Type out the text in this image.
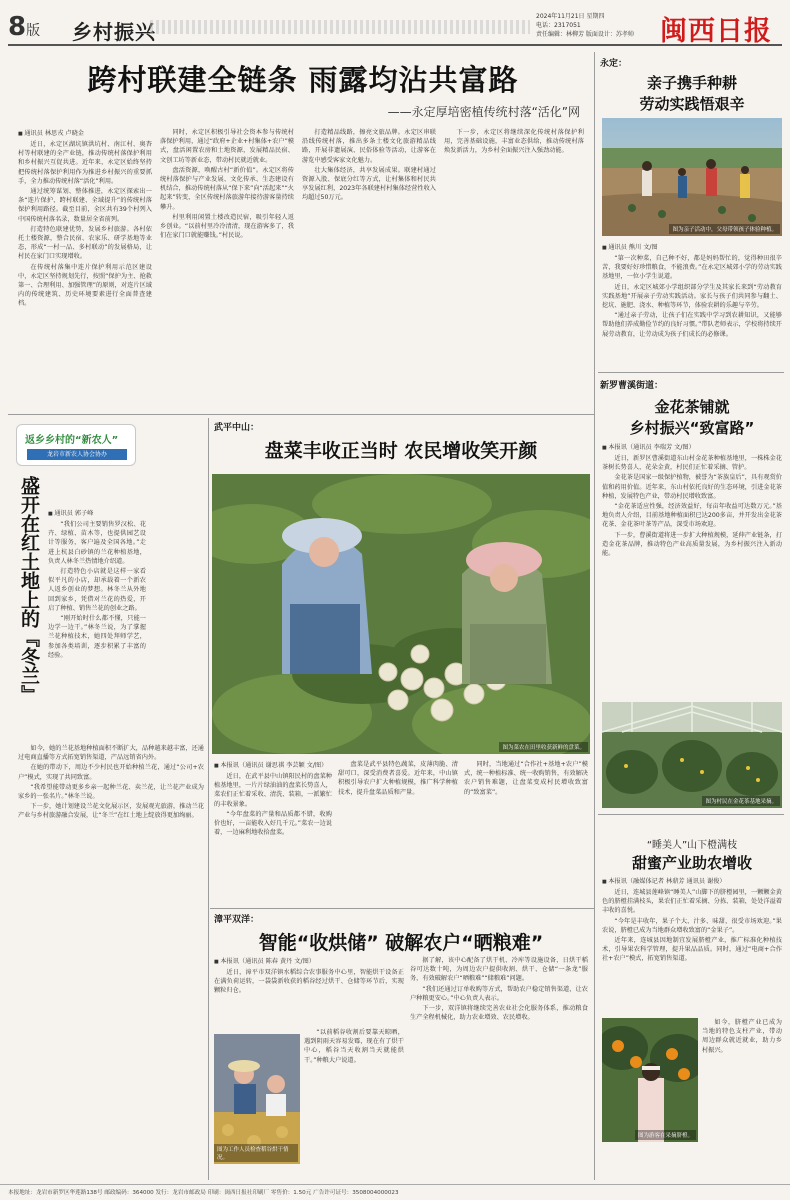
8版 乡村振兴
2024年11月21日 星期四
电话：2317051
责任编辑：林柳芳 版面设计：苏孝帅 闽西日报
跨村联建全链条 雨露均沾共富路
——永定厚培密植传统村落“活化”网
■ 通讯员 林思戎 卢晓金

近日，永定区湖坑镇洪坑村、南江村、奥杳村等村联建的全产业链，推动传统村落保护利用和乡村振兴互促共进。近年来，永定区始终坚持把传统村落保护利用作为推进乡村振兴的重要抓手，全力推动传统村落“活化”利用。

通过统筹谋划、整体推进，永定区探索出一条“连片保护、跨村联建、全域提升”的传统村落保护利用路径。截至目前，全区共有39个村列入中国传统村落名录，数量居全省前列。

打造特色联建优势，发展乡村旅游。各村依托土楼资源，整合民宿、农家乐、研学基地等业态，形成“一村一品、多村联动”的发展格局，让村民在家门口实现增收。

在传统村落集中连片保护利用示范区建设中，永定区坚持规划先行，按照“保护为主、抢救第一、合理利用、加强管理”的原则，对连片区域内的传统建筑、历史环境要素进行全面普查建档。

同时，永定区积极引导社会资本参与传统村落保护利用，通过“政府+企业+村集体+农户”模式，盘活闲置农房和土地资源，发展精品民宿、文创工坊等新业态，带动村民就近就业。

盘活资源，唤醒古村“新价值”。永定区将传统村落保护与产业发展、文化传承、生态建设有机结合，推动传统村落从“保下来”向“活起来”“火起来”转变，全区传统村落旅游年接待游客量持续攀升。

村里利用闲置土楼改造民宿，吸引年轻人返乡创业。“以前村里冷冷清清，现在游客多了，我们在家门口就能赚钱。”村民说。

打造精品线路，擦亮文旅品牌。永定区串联沿线传统村落，推出多条土楼文化旅游精品线路，开展非遗展演、民俗体验等活动，让游客在游览中感受客家文化魅力。

壮大集体经济，共享发展成果。联建村通过资源入股、保底分红等方式，让村集体和村民共享发展红利，2023年各联建村村集体经营性收入均超过50万元。

下一步，永定区将继续深化传统村落保护利用，完善基础设施，丰富业态供给，推动传统村落焕发新活力，为乡村全面振兴注入强劲动能。

永定：
亲子携手种耕
劳动实践悟艰辛
图为亲子活动中，父母带领孩子体验种植。
■ 通讯员 熊川 文/图

“第一次种菜，自己种不好，都是妈妈帮忙的，觉得种田很辛苦，我要好好珍惜粮食，不能浪费。”在永定区城郊小学的劳动实践基地里，一位小学生说道。

近日，永定区城郊小学组织部分学生及其家长来到“劳动教育实践基地”开展亲子劳动实践活动。家长与孩子们共同参与翻土、挖坑、施肥、浇水、种植等环节，体验农耕的乐趣与辛劳。

“通过亲子劳动，让孩子们在实践中学习到农耕知识，又能够帮助他们养成勤俭节约的良好习惯。”带队老师表示，学校将持续开展劳动教育，让劳动成为孩子们成长的必修课。

新罗曹溪街道：
金花茶铺就
乡村振兴“致富路”
■ 本报讯（通讯员 李瑞芳 文/图）

近日，新罗区曹溪街道东山村金花茶种植基地里，一株株金花茶树长势喜人，花朵金黄，村民们正忙着采摘、管护。

金花茶是国家一级保护植物，被誉为“茶族皇后”，具有观赏价值和药用价值。近年来，东山村依托良好的生态环境，引进金花茶种植，发展特色产业，带动村民增收致富。

“金花茶适应性强，经济效益好，每亩年收益可达数万元。”基地负责人介绍，目前基地种植面积已达200多亩，并开发出金花茶花茶、金花茶叶茶等产品，深受市场欢迎。

下一步，曹溪街道将进一步扩大种植规模，延伸产业链条，打造金花茶品牌，推动特色产业高质量发展，为乡村振兴注入新动能。

图为村民在金花茶基地采摘。
“睡美人”山下橙满枝
甜蜜产业助农增收
■ 本报讯（融媒体记者 林鼎芳 通讯员 谢俊）

近日，连城县莲峰镇“睡美人”山脚下的脐橙园里，一颗颗金黄色的脐橙挂满枝头，果农们正忙着采摘、分拣、装箱，处处洋溢着丰收的喜悦。

“今年是丰收年，果子个大、汁多、味甜，很受市场欢迎。”果农说，脐橙已成为当地群众增收致富的“金果子”。

近年来，连城县因地制宜发展脐橙产业，推广标准化种植技术，引导果农科学管理，提升果品品质。同时，通过“电商+合作社+农户”模式，拓宽销售渠道。

图为游客在采摘脐橙。

如今，脐橙产业已成为当地的特色支柱产业，带动周边群众就近就业，助力乡村振兴。

返乡乡村的“新农人”
龙岩市新农人协会协办
盛开在红土地上的『冬兰』
■	通讯员 郭子峰

“我们公司主要销售罗汉松、花卉、绿植、苗木等，也提供园艺设计等服务，客户遍及全国各地。”走进上杭县白砂镇的兰花种植基地，负责人林冬兰热情地介绍道。

打造特色小店就是这样一家看似平凡的小店，却承载着一个新农人返乡创业的梦想。林冬兰从外地回到家乡，凭借对兰花的热爱，开启了种植、销售兰花的创业之路。

“刚开始时什么都不懂，只能一边学一边干。”林冬兰说，为了掌握兰花种植技术，她四处拜师学艺，参加各类培训，逐步积累了丰富的经验。

如今，她的兰花基地种植面积不断扩大，品种越来越丰富，还通过电商直播等方式拓宽销售渠道，产品远销省内外。

在她的带动下，周边不少村民也开始种植兰花，通过“公司+农户”模式，实现了共同致富。

“我希望能带动更多乡亲一起种兰花、卖兰花，让兰花产业成为家乡的一张名片。”林冬兰说。

下一步，她计划建设兰花文化展示区，发展观光旅游，推动兰花产业与乡村旅游融合发展，让“冬兰”在红土地上绽放得更加绚丽。

武平中山：
盘菜丰收正当时 农民增收笑开颜
图为菜农在田里收获新鲜的盘菜。
■ 本报讯（通讯员 谢思祺 李芸颖 文/图）

近日，在武平县中山镇阳民村的盘菜种植基地里，一片片绿油油的盘菜长势喜人，菜农们正忙着采收、清洗、装箱，一派繁忙的丰收景象。

“今年盘菜的产量和品质都不错，收购价也好，一亩能收入好几千元。”菜农一边说着，一边麻利地收拾盘菜。

盘菜是武平县特色蔬菜，皮薄肉脆、清甜可口，深受消费者喜爱。近年来，中山镇积极引导农户扩大种植规模，推广科学种植技术，提升盘菜品质和产量。

同时，当地通过“合作社+基地+农户”模式，统一种植标准、统一收购销售，有效解决农户销售难题，让盘菜变成村民增收致富的“致富菜”。

漳平双洋：
智能“收烘储” 破解农户“晒粮难”
■ 本报讯（通讯员 陈春 黄丹 文/图）

近日，漳平市双洋镇水稻综合农事服务中心里，智能烘干设备正在满负荷运转，一袋袋新收获的稻谷经过烘干、仓储等环节后，实现颗粒归仓。

“以前稻谷收割后要靠天晾晒，遇到阴雨天容易发霉，现在有了烘干中心，稻谷当天收割当天就能烘干。”种粮大户说道。

图为工作人员检查稻谷烘干情况。

据了解，该中心配备了烘干机、冷库等设施设备，日烘干稻谷可达数十吨，为周边农户提供收割、烘干、仓储“一条龙”服务，有效破解农户“晒粮难”“储粮难”问题。

“我们还通过订单收购等方式，帮助农户稳定销售渠道，让农户种粮更安心。”中心负责人表示。

下一步，双洋镇将继续完善农业社会化服务体系，推动粮食生产全程机械化，助力农业增效、农民增收。

本报地址：龙岩市新罗区华莲路138号 邮政编码：364000 发行：龙岩市邮政局 印刷：闽西日报社印刷厂 零售价：1.50元 广告许可证号：3508004000023
